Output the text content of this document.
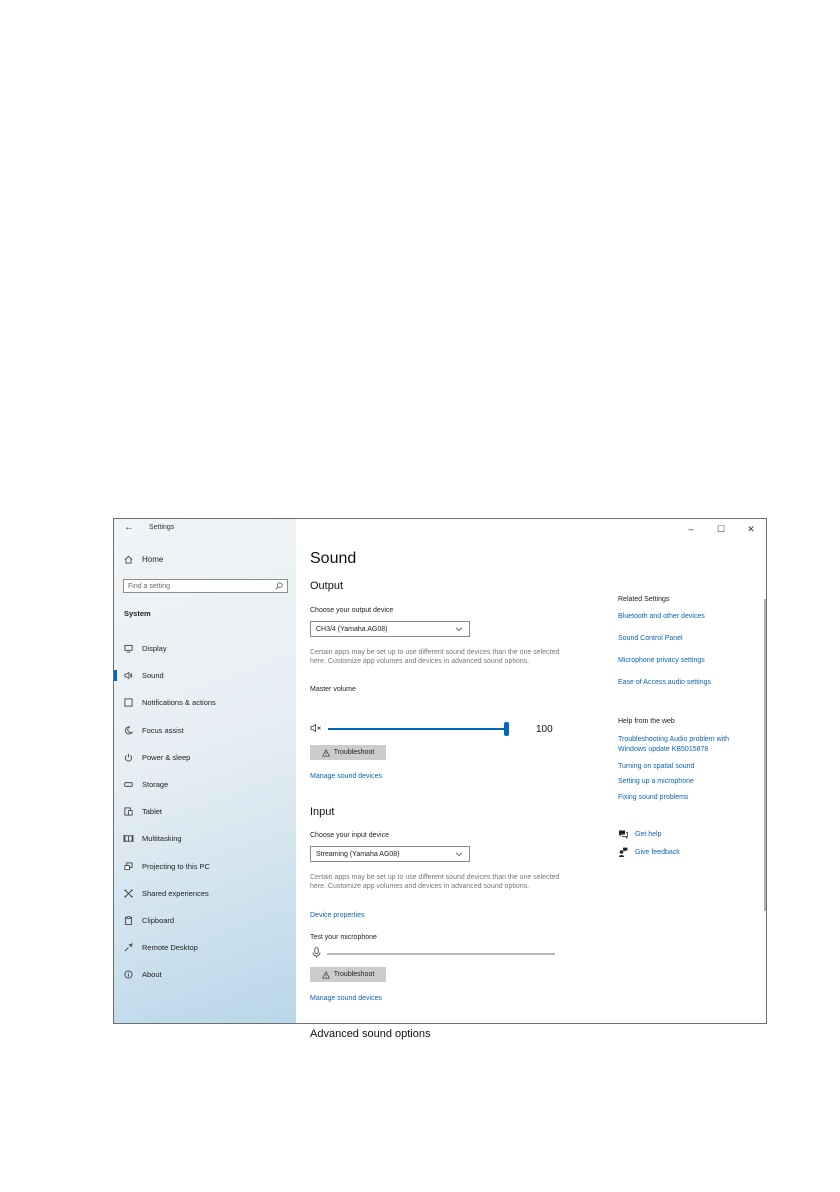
Home
Find a setting
System
Display
Sound
Notifications & actions
Focus assist
Power & sleep
Storage
Tablet
Multitasking
Projecting to this PC
Shared experiences
Clipboard
Remote Desktop
About
← Settings	–	☐	✕
Sound
Output
Choose your output device
CH3/4 (Yamaha AG08)
Certain apps may be set up to use different sound devices than the one selected here. Customize app volumes and devices in advanced sound options.
Master volume
100
Troubleshoot
Manage sound devices
Input
Choose your input device
Streaming (Yamaha AG08)
Certain apps may be set up to use different sound devices than the one selected here. Customize app volumes and devices in advanced sound options.
Device properties
Test your microphone
Troubleshoot
Manage sound devices
Advanced sound options
Related Settings
Bluetooth and other devices
Sound Control Panel
Microphone privacy settings
Ease of Access audio settings
Help from the web
Troubleshooting Audio problem with Windows update KB5015878
Turning on spatial sound
Setting up a microphone
Fixing sound problems
Get help
Give feedback
